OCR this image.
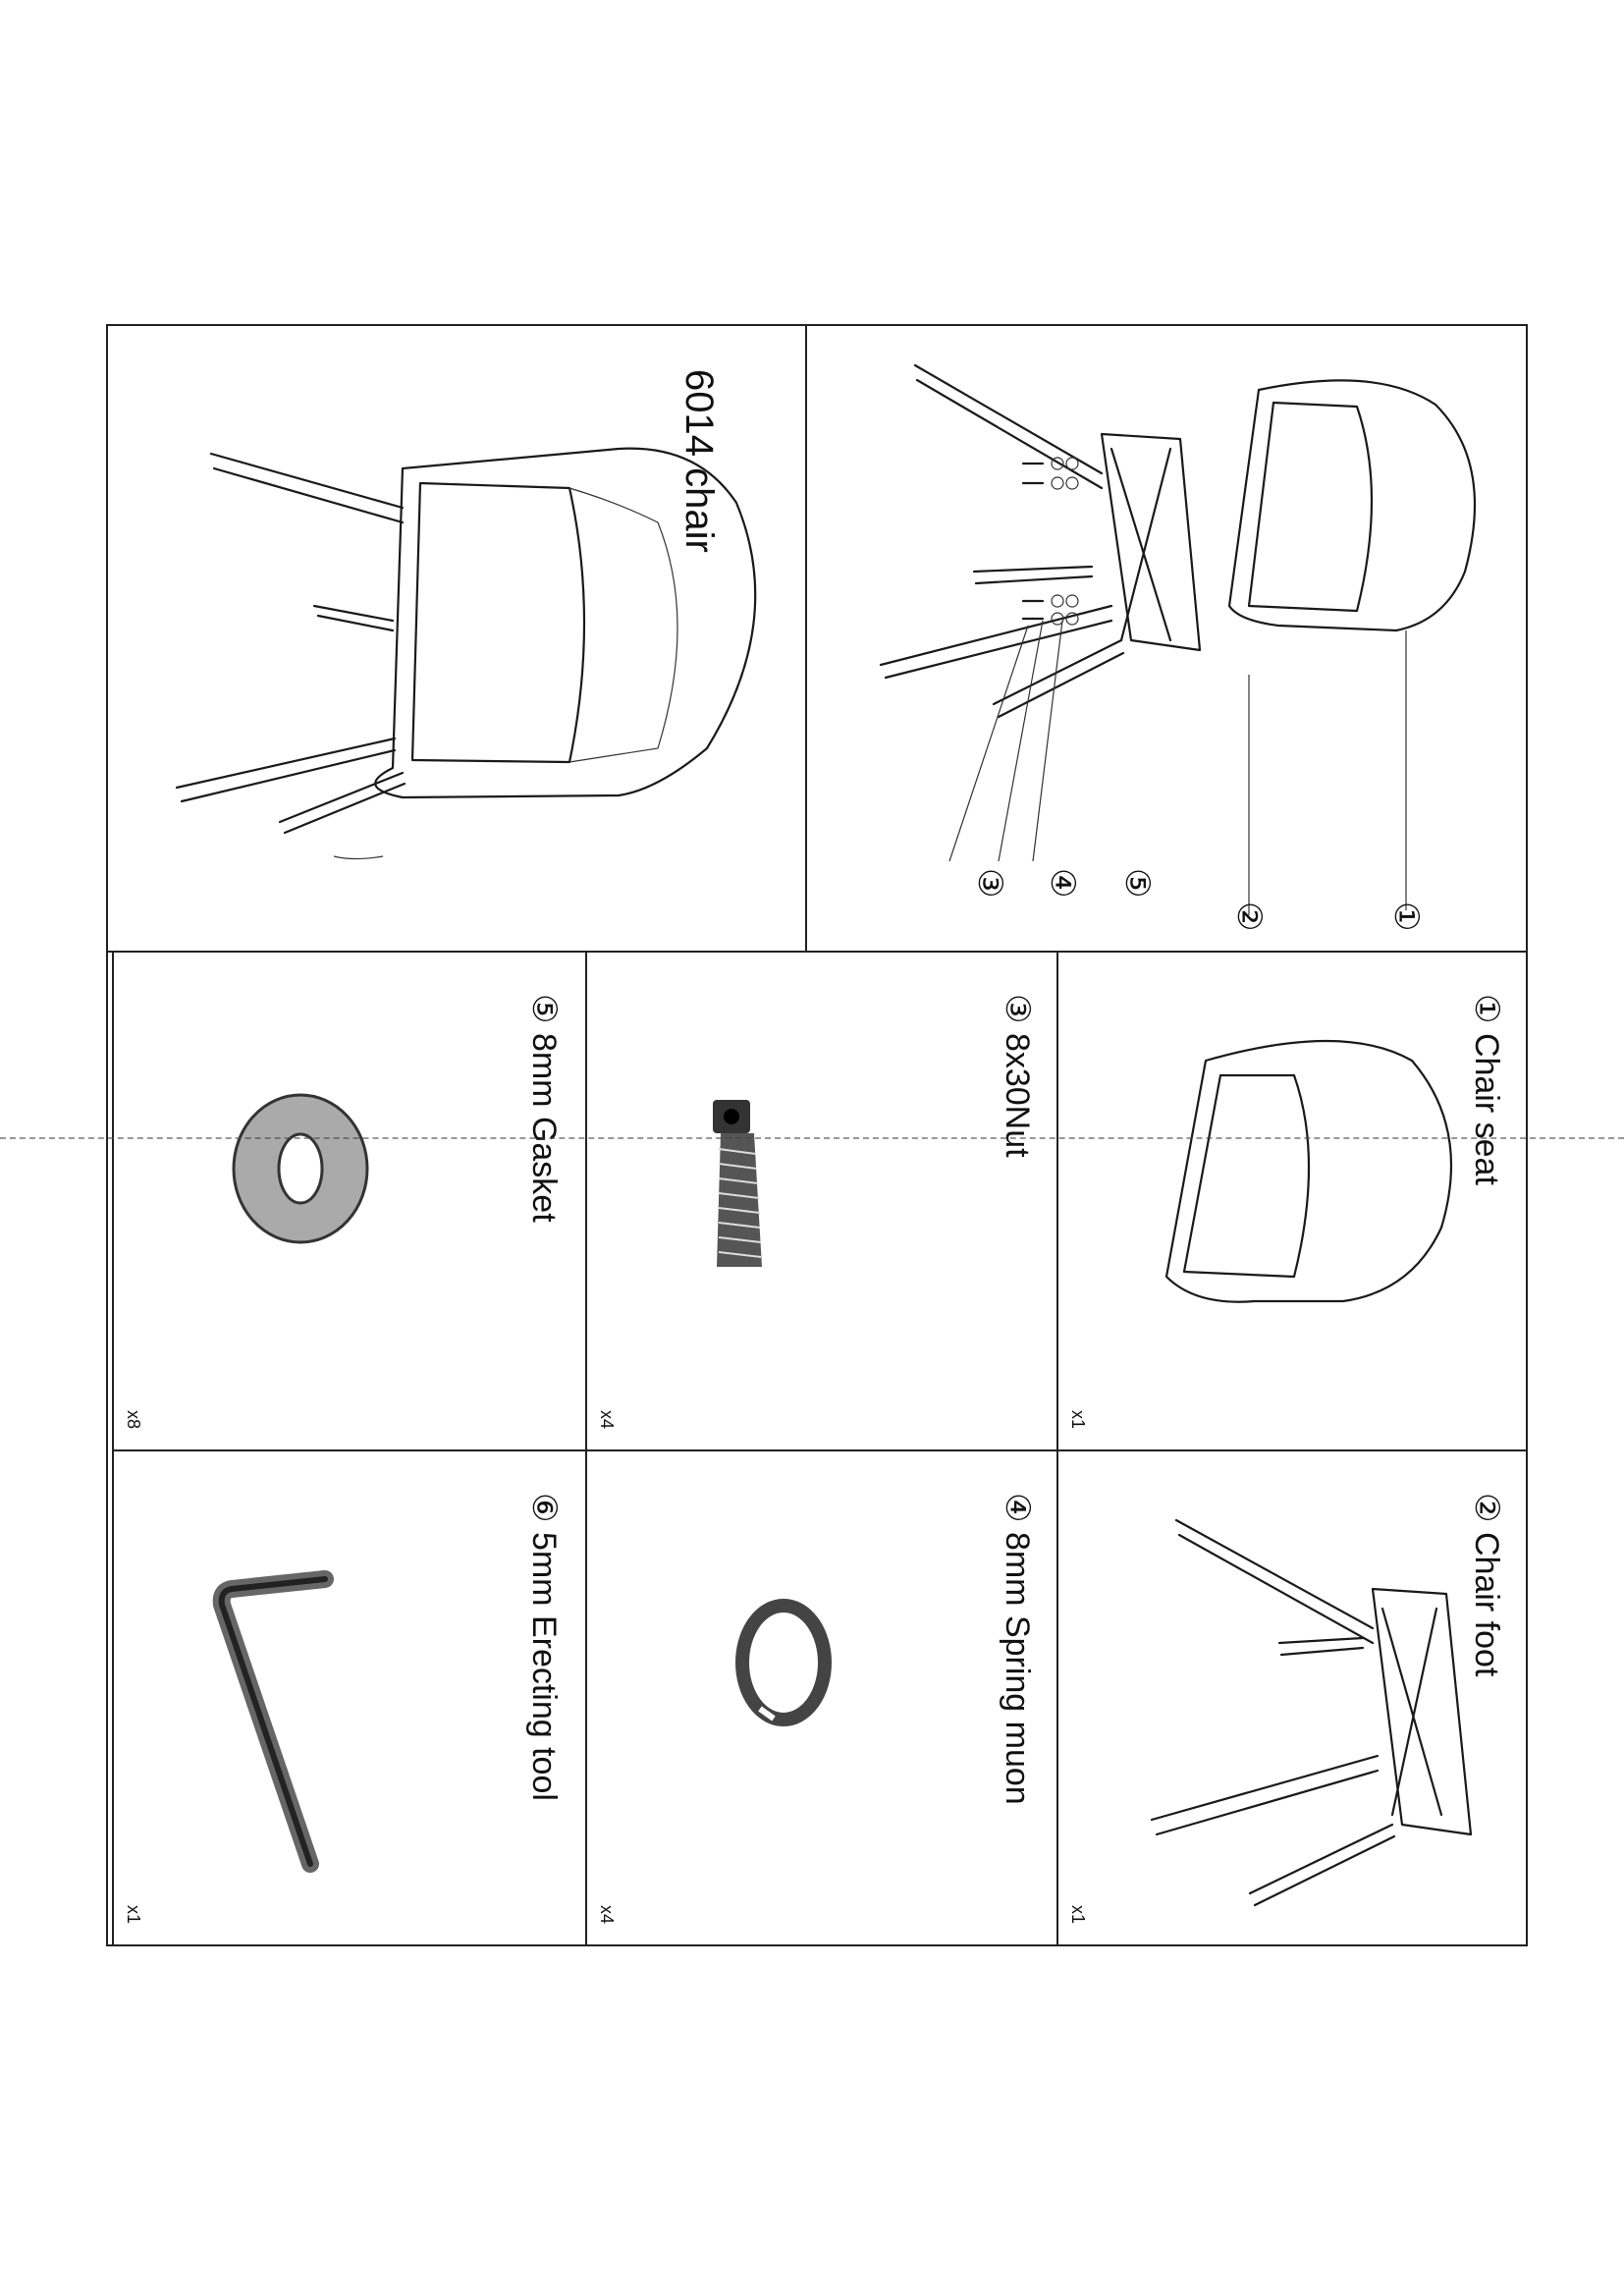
6014 chair
①
②
⑤
④
③
① Chair seat
x1
③ 8x30Nut
x4
⑤ 8mm Gasket
x8
② Chair foot
x1
④ 8mm Spring muon
x4
⑥ 5mm Erecting tool
x1
